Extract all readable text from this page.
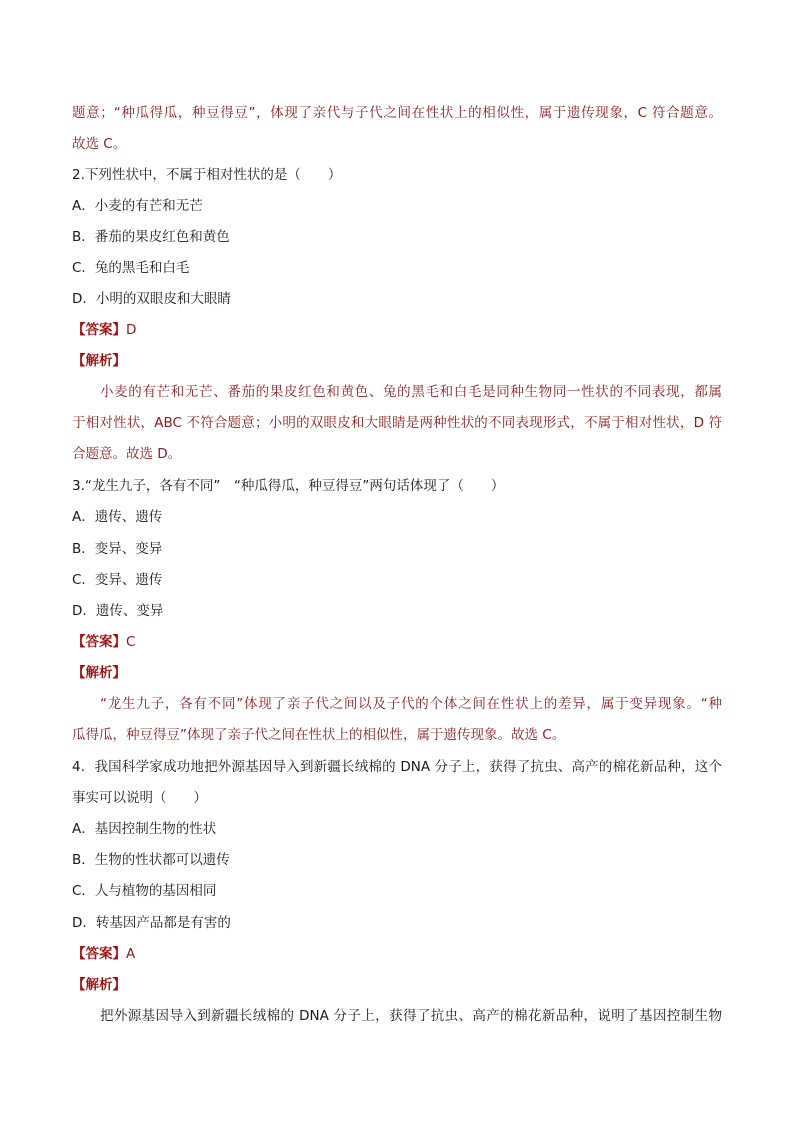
题意；“种瓜得瓜，种豆得豆”，体现了亲代与子代之间在性状上的相似性，属于遗传现象，C 符合题意。
故选 C。
2.下列性状中，不属于相对性状的是（　　）
A．小麦的有芒和无芒
B．番茄的果皮红色和黄色
C．兔的黑毛和白毛
D．小明的双眼皮和大眼睛
【答案】D
【解析】
小麦的有芒和无芒、番茄的果皮红色和黄色、兔的黑毛和白毛是同种生物同一性状的不同表现，都属
于相对性状，ABC 不符合题意；小明的双眼皮和大眼睛是两种性状的不同表现形式，不属于相对性状，D 符
合题意。故选 D。
3.“龙生九子，各有不同”　“种瓜得瓜，种豆得豆”两句话体现了（　　）
A．遗传、遗传
B．变异、变异
C．变异、遗传
D．遗传、变异
【答案】C
【解析】
“龙生九子，各有不同”体现了亲子代之间以及子代的个体之间在性状上的差异，属于变异现象。“种
瓜得瓜，种豆得豆”体现了亲子代之间在性状上的相似性，属于遗传现象。故选 C。
4．我国科学家成功地把外源基因导入到新疆长绒棉的 DNA 分子上，获得了抗虫、高产的棉花新品种，这个
事实可以说明（　　）
A．基因控制生物的性状
B．生物的性状都可以遗传
C．人与植物的基因相同
D．转基因产品都是有害的
【答案】A
【解析】
把外源基因导入到新疆长绒棉的 DNA 分子上，获得了抗虫、高产的棉花新品种，说明了基因控制生物
